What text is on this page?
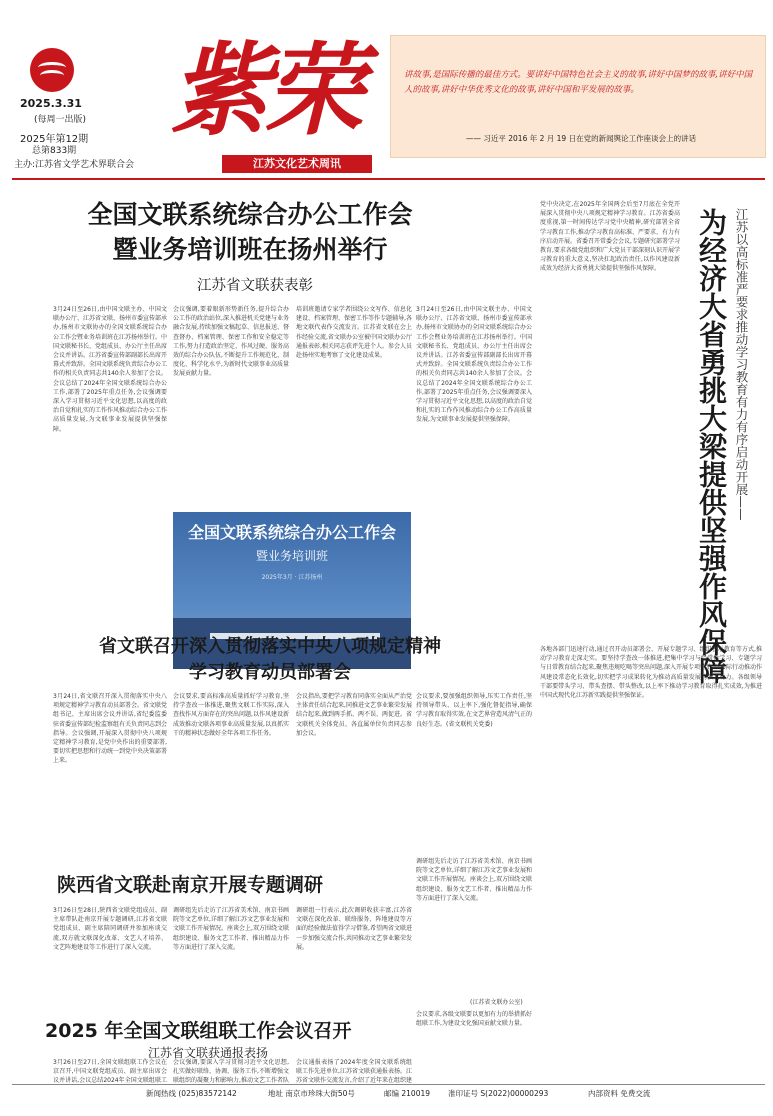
2025.3.31
(每周一出版)
2025年第12期
总第833期
主办:江苏省文学艺术界联合会
紫荣
江苏文化艺术周讯
讲故事,是国际传播的最佳方式。要讲好中国特色社会主义的故事,讲好中国梦的故事,讲好中国人的故事,讲好中华优秀文化的故事,讲好中国和平发展的故事。
—— 习近平 2016 年 2 月 19 日在党的新闻舆论工作座谈会上的讲话
全国文联系统综合办公工作会
暨业务培训班在扬州举行
江苏省文联获表彰
3月24日至26日,由中国文联主办、中国文联办公厅、江苏省文联、扬州市委宣传部承办,扬州市文联协办的全国文联系统综合办公工作会暨业务培训班在江苏扬州举行。中国文联秘书长、党组成员、办公厅主任出席会议并讲话。江苏省委宣传部副部长出席开幕式并致辞。全国文联系统负责综合办公工作的相关负责同志共140余人参加了会议。会议总结了2024年全国文联系统综合办公工作,部署了2025年重点任务,会议强调要深入学习贯彻习近平文化思想,以高度的政治自觉和扎实的工作作风推动综合办公工作高质量发展,为文联事业发展提供坚强保障。
会议强调,要着眼新形势新任务,提升综合办公工作的政治站位,深入推进机关党建与业务融合发展,持续加强文稿起草、信息报送、督查督办、档案管理、保密工作和安全稳定等工作,努力打造政治坚定、作风过硬、服务高效的综合办公队伍,不断提升工作规范化、制度化、科学化水平,为新时代文联事业高质量发展贡献力量。
培训班邀请专家学者围绕公文写作、信息化建设、档案管理、保密工作等作专题辅导,各地文联代表作交流发言。江苏省文联在会上作经验交流,省文联办公室被中国文联办公厅通报表彰,相关同志获评先进个人。参会人员赴扬州实地考察了文化建设成果。
3月24日至26日,由中国文联主办、中国文联办公厅、江苏省文联、扬州市委宣传部承办,扬州市文联协办的全国文联系统综合办公工作会暨业务培训班在江苏扬州举行。中国文联秘书长、党组成员、办公厅主任出席会议并讲话。江苏省委宣传部副部长出席开幕式并致辞。全国文联系统负责综合办公工作的相关负责同志共140余人参加了会议。会议总结了2024年全国文联系统综合办公工作,部署了2025年重点任务,会议强调要深入学习贯彻习近平文化思想,以高度的政治自觉和扎实的工作作风推动综合办公工作高质量发展,为文联事业发展提供坚强保障。
全国文联系统综合办公工作会
暨业务培训班
2025年3月 · 江苏扬州
省文联召开深入贯彻落实中央八项规定精神
学习教育动员部署会
3月24日,省文联召开深入贯彻落实中央八项规定精神学习教育动员部署会。省文联党组书记、主席出席会议并讲话,省纪委监委驻省委宣传部纪检监察组有关负责同志到会指导。会议强调,开展深入贯彻中央八项规定精神学习教育,是党中央作出的重要部署,要切实把思想和行动统一到党中央决策部署上来。
会议要求,要高标准高质量抓好学习教育,坚持学查改一体推进,聚焦文联工作实际,深入查找作风方面存在的突出问题,以作风建设新成效推动文联各项事业高质量发展,以真抓实干的精神状态做好全年各项工作任务。
会议指出,要把学习教育同落实全面从严治党主体责任结合起来,同推进文艺事业繁荣发展结合起来,做到两手抓、两不误、两促进。省文联机关全体党员、各直属单位负责同志参加会议。
会议要求,要加强组织领导,压实工作责任,坚持领导带头、以上率下,强化督促指导,确保学习教育取得实效,在文艺界营造风清气正的良好生态。(省文联机关党委)
陕西省文联赴南京开展专题调研
3月26日至28日,陕西省文联党组成员、副主席带队赴南京开展专题调研,江苏省文联党组成员、副主席陪同调研并参加座谈交流,双方就文联深化改革、文艺人才培养、文艺阵地建设等工作进行了深入交流。
调研组先后走访了江苏省美术馆、南京书画院等文艺单位,详细了解江苏文艺事业发展和文联工作开展情况。座谈会上,双方围绕文联组织建设、服务文艺工作者、推出精品力作等方面进行了深入交流。
调研组一行表示,此次调研收获丰富,江苏省文联在深化改革、联络服务、阵地建设等方面的经验做法值得学习借鉴,希望两省文联进一步加强交流合作,共同推动文艺事业繁荣发展。
调研组先后走访了江苏省美术馆、南京书画院等文艺单位,详细了解江苏文艺事业发展和文联工作开展情况。座谈会上,双方围绕文联组织建设、服务文艺工作者、推出精品力作等方面进行了深入交流。
(江苏省文联办公室)
2025 年全国文联组联工作会议召开
江苏省文联获通报表扬
3月26日至27日,全国文联组联工作会议在京召开,中国文联党组成员、副主席出席会议并讲话,会议总结2024年全国文联组联工
会议强调,要深入学习贯彻习近平文化思想,扎实做好联络、协调、服务工作,不断增强文联组织的凝聚力和影响力,推动文艺工作者队
会议通报表扬了2024年度全国文联系统组联工作先进单位,江苏省文联获通报表扬。江苏省文联作交流发言,介绍了近年来在组织建
会议要求,各级文联要以更加有力的举措抓好组联工作,为建设文化强国贡献文联力量。
为经济大省勇挑大梁提供坚强作风保障 江苏以高标准严要求推动学习教育有力有序启动开展——
党中央决定,在2025年全国两会后至7月底在全党开展深入贯彻中央八项规定精神学习教育。江苏省委高度重视,第一时间传达学习党中央精神,研究部署全省学习教育工作,推动学习教育高标准、严要求、有力有序启动开展。省委召开常委会会议,专题研究部署学习教育,要求各级党组织和广大党员干部深刻认识开展学习教育的重大意义,坚决扛起政治责任,以作风建设新成效为经济大省勇挑大梁提供坚强作风保障。
各地各部门迅速行动,通过召开动员部署会、开展专题学习、组织警示教育等方式,推动学习教育走深走实。要坚持学查改一体推进,把集中学习与经常性学习、专题学习与日常教育结合起来,聚焦违规吃喝等突出问题,深入开展专项整治,以实际行动推动作风建设常态化长效化,切实把学习成果转化为推动高质量发展的强大动力。各级领导干部要带头学习、带头查摆、带头整改,以上率下推动学习教育取得扎实成效,为推进中国式现代化江苏新实践提供坚强保证。
新闻热线 (025)83572142	地址 南京市珍珠大街50号	邮编 210019 准印证号 S(2022)00000293	内部资料 免费交流
